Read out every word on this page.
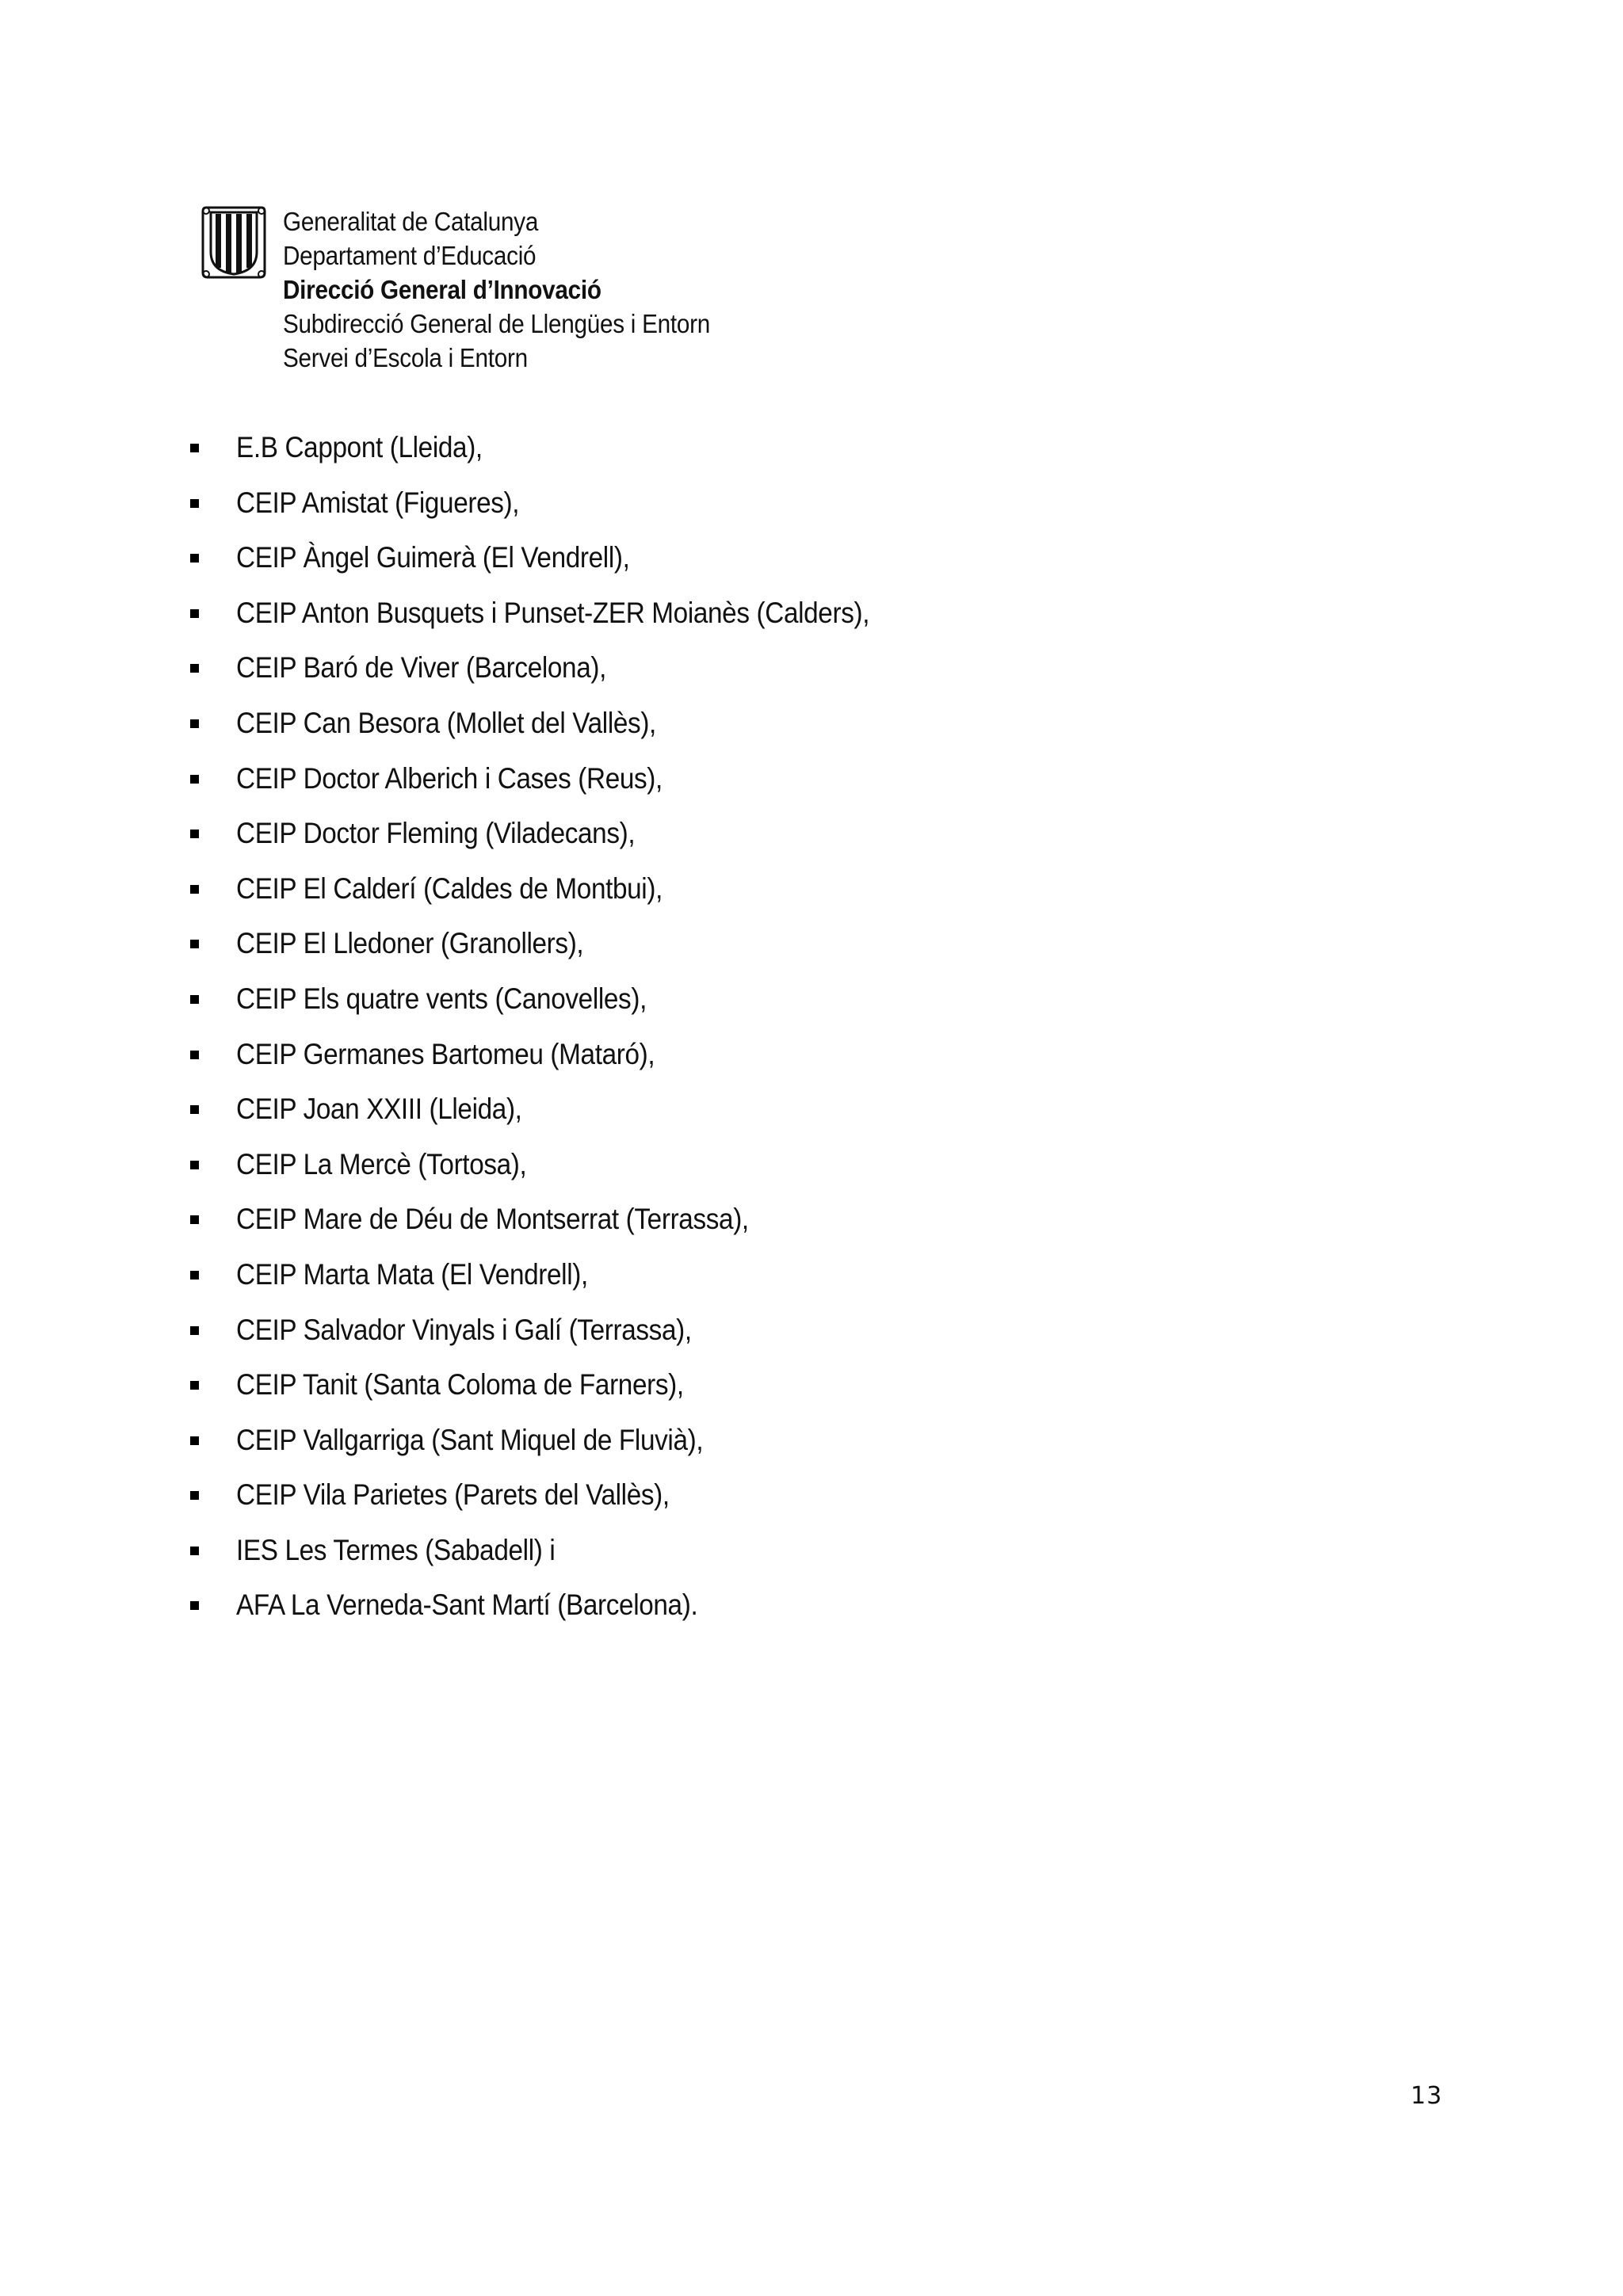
Generalitat de Catalunya
Departament d’Educació
Direcció General d’Innovació
Subdirecció General de Llengües i Entorn
Servei d’Escola i Entorn
E.B Cappont (Lleida),
CEIP Amistat (Figueres),
CEIP Àngel Guimerà (El Vendrell),
CEIP Anton Busquets i Punset-ZER Moianès (Calders),
CEIP Baró de Viver (Barcelona),
CEIP Can Besora (Mollet del Vallès),
CEIP Doctor Alberich i Cases (Reus),
CEIP Doctor Fleming (Viladecans),
CEIP El Calderí (Caldes de Montbui),
CEIP El Lledoner (Granollers),
CEIP Els quatre vents (Canovelles),
CEIP Germanes Bartomeu (Mataró),
CEIP Joan XXIII (Lleida),
CEIP La Mercè (Tortosa),
CEIP Mare de Déu de Montserrat (Terrassa),
CEIP Marta Mata (El Vendrell),
CEIP Salvador Vinyals i Galí (Terrassa),
CEIP Tanit (Santa Coloma de Farners),
CEIP Vallgarriga (Sant Miquel de Fluvià),
CEIP Vila Parietes (Parets del Vallès),
IES Les Termes (Sabadell) i
AFA La Verneda-Sant Martí (Barcelona).
13
